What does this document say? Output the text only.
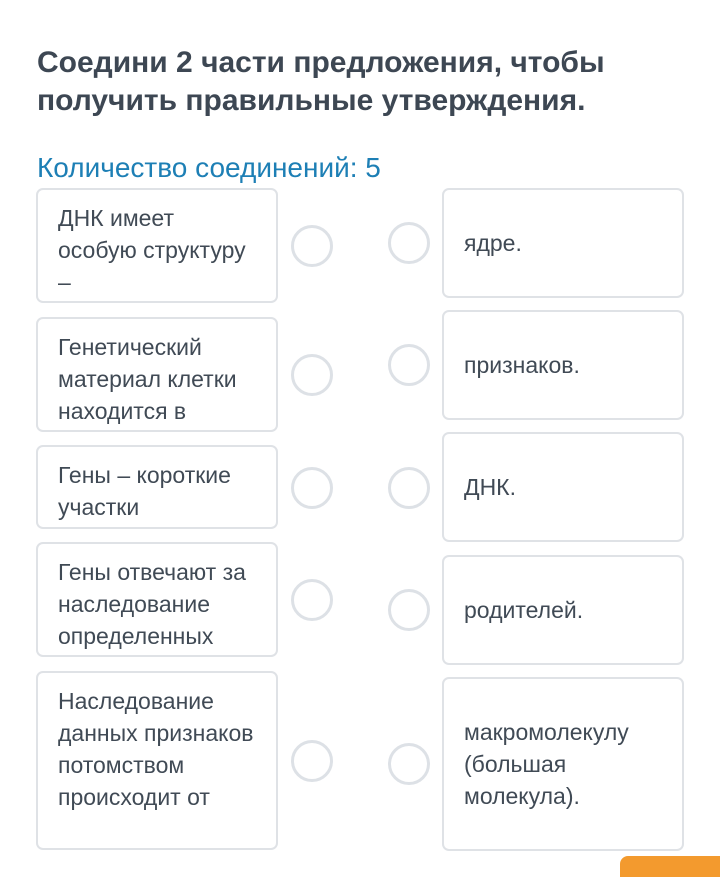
Соедини 2 части предложения, чтобы получить правильные утверждения.
Количество соединений: 5
ДНК имеет особую структуру –
Генетический материал клетки находится в
Гены – короткие участки
Гены отвечают за наследование определенных
Наследование данных признаков потомством происходит от
ядре.
признаков.
ДНК.
родителей.
макромолекулу (большая молекула).
